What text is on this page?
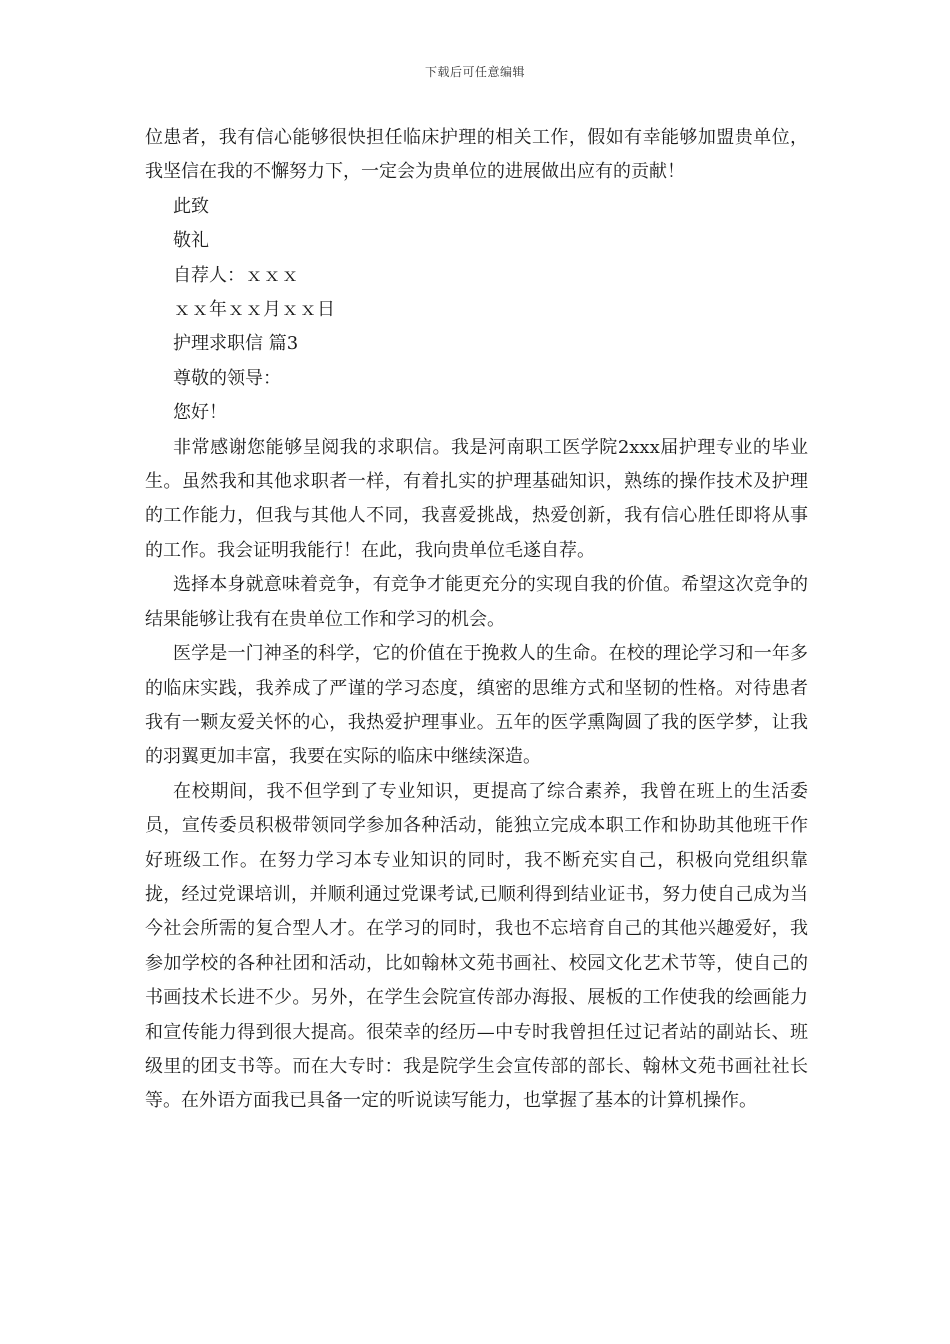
下载后可任意编辑

位患者，我有信心能够很快担任临床护理的相关工作，假如有幸能够加盟贵单位，我坚信在我的不懈努力下，一定会为贵单位的进展做出应有的贡献！

此致

敬礼

自荐人：ｘｘｘ

ｘｘ年ｘｘ月ｘｘ日

护理求职信 篇3

尊敬的领导：

您好！

非常感谢您能够呈阅我的求职信。我是河南职工医学院2xxx届护理专业的毕业生。虽然我和其他求职者一样，有着扎实的护理基础知识，熟练的操作技术及护理的工作能力，但我与其他人不同，我喜爱挑战，热爱创新，我有信心胜任即将从事的工作。我会证明我能行！在此，我向贵单位毛遂自荐。

选择本身就意味着竞争，有竞争才能更充分的实现自我的价值。希望这次竞争的结果能够让我有在贵单位工作和学习的机会。

医学是一门神圣的科学，它的价值在于挽救人的生命。在校的理论学习和一年多的临床实践，我养成了严谨的学习态度，缜密的思维方式和坚韧的性格。对待患者我有一颗友爱关怀的心，我热爱护理事业。五年的医学熏陶圆了我的医学梦，让我的羽翼更加丰富，我要在实际的临床中继续深造。

在校期间，我不但学到了专业知识，更提高了综合素养，我曾在班上的生活委员，宣传委员积极带领同学参加各种活动，能独立完成本职工作和协助其他班干作好班级工作。在努力学习本专业知识的同时，我不断充实自己，积极向党组织靠拢，经过党课培训，并顺利通过党课考试,已顺利得到结业证书，努力使自己成为当今社会所需的复合型人才。在学习的同时，我也不忘培育自己的其他兴趣爱好，我参加学校的各种社团和活动，比如翰林文苑书画社、校园文化艺术节等，使自己的书画技术长进不少。另外，在学生会院宣传部办海报、展板的工作使我的绘画能力和宣传能力得到很大提高。很荣幸的经历—中专时我曾担任过记者站的副站长、班级里的团支书等。而在大专时：我是院学生会宣传部的部长、翰林文苑书画社社长等。在外语方面我已具备一定的听说读写能力，也掌握了基本的计算机操作。
